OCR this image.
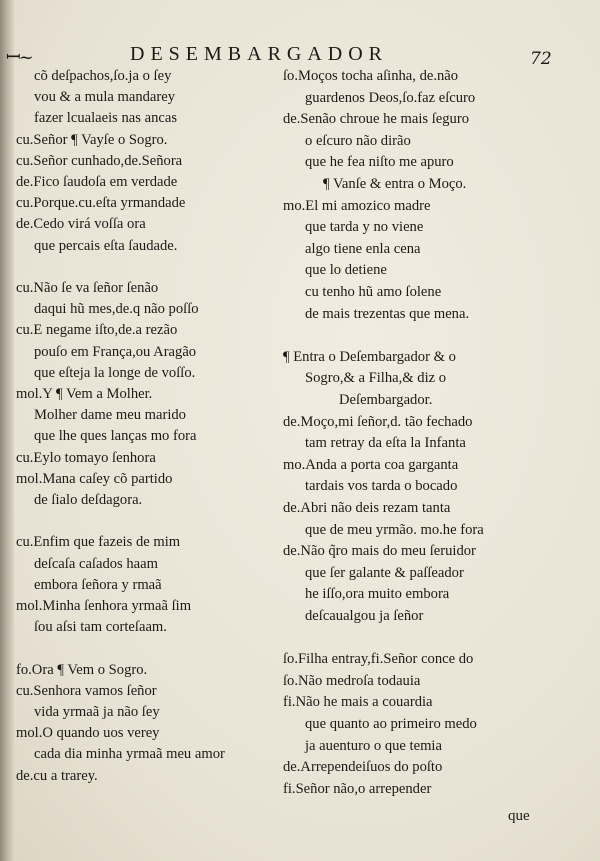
ꟷ~	DESEMBARGADOR	72
cõ deſpachos,ſo.ja o ſey
vou & a mula mandarey
fazer lcualaeis nas ancas
cu.Señor ¶ Vayſe o Sogro.
cu.Señor cunhado,de.Señora
de.Fico ſaudoſa em verdade
cu.Porque.cu.eſta yrmandade
de.Cedo virá voſſa ora
que percais eſta ſaudade.
cu.Não ſe va ſeñor ſenão
daqui hũ mes,de.q não poſſo
cu.E negame iſto,de.a rezão
pouſo em França,ou Aragão
que eſteja la longe de voſſo.
mol.Y ¶ Vem a Molher.
Molher dame meu marido
que lhe ques lanças mo fora
cu.Eylo tomayo ſenhora
mol.Mana caſey cõ partido
de ſialo deſdagora.
cu.Enfim que fazeis de mim
deſcaſa caſados haam
embora ſeñora y rmaã
mol.Minha ſenhora yrmaã ſim
ſou aſsi tam corteſaam.
fo.Ora ¶ Vem o Sogro.
cu.Senhora vamos ſeñor
vida yrmaã ja não ſey
mol.O quando uos verey
cada dia minha yrmaã meu amor
de.cu a trarey.
ſo.Moços tocha aſinha, de.não
guardenos Deos,ſo.faz eſcuro
de.Senão chroue he mais ſeguro
o eſcuro não dirão
que he fea niſto me apuro
¶ Vanſe & entra o Moço.
mo.El mi amozico madre
que tarda y no viene
algo tiene enla cena
que lo detiene
cu tenho hũ amo ſolene
de mais trezentas que mena.
¶ Entra o Deſembargador & o
Sogro,& a Filha,& diz o
Deſembargador.
de.Moço,mi ſeñor,d. tão fechado
tam retray da eſta la Infanta
mo.Anda a porta coa garganta
tardais vos tarda o bocado
de.Abri não deis rezam tanta
que de meu yrmão. mo.he fora
de.Não q̃ro mais do meu ſeruidor
que ſer galante & paſſeador
he iſſo,ora muito embora
deſcaualgou ja ſeñor
ſo.Filha entray,fi.Señor conce do
ſo.Não medroſa todauia
fi.Não he mais a couardia
que quanto ao primeiro medo
ja auenturo o que temia
de.Arrependeiſuos do poſto
fi.Señor não,o arrepender
que
